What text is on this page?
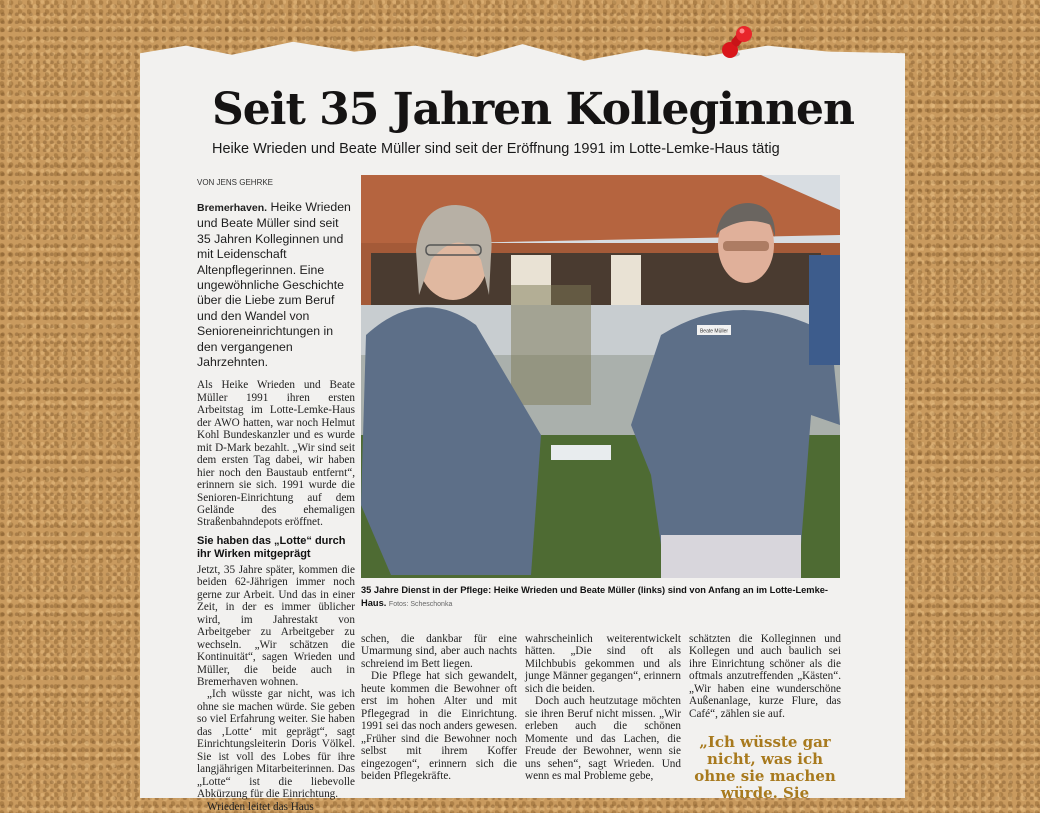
Seit 35 Jahren Kolleginnen
Heike Wrieden und Beate Müller sind seit der Eröffnung 1991 im Lotte-Lemke-Haus tätig
VON JENS GEHRKE
Bremerhaven. Heike Wrieden und Beate Müller sind seit 35 Jahren Kolleginnen und mit Leidenschaft Altenpflegerinnen. Eine ungewöhnliche Geschichte über die Liebe zum Beruf und den Wandel von Senioreneinrichtungen in den vergangenen Jahrzehnten.

Als Heike Wrieden und Beate Müller 1991 ihren ersten Arbeitstag im Lotte-Lemke-Haus der AWO hatten, war noch Helmut Kohl Bundeskanzler und es wurde mit D-Mark bezahlt. „Wir sind seit dem ersten Tag dabei, wir haben hier noch den Baustaub entfernt“, erinnern sie sich. 1991 wurde die Senioren-Einrichtung auf dem Gelände des ehemaligen Straßenbahndepots eröffnet.

Sie haben das „Lotte“ durch ihr Wirken mitgeprägt

Jetzt, 35 Jahre später, kommen die beiden 62-Jährigen immer noch gerne zur Arbeit. Und das in einer Zeit, in der es immer üblicher wird, im Jahrestakt von Arbeitgeber zu Arbeitgeber zu wechseln. „Wir schätzen die Kontinuität“, sagen Wrieden und Müller, die beide auch in Bremerhaven wohnen.

„Ich wüsste gar nicht, was ich ohne sie machen würde. Sie geben so viel Erfahrung weiter. Sie haben das ‚Lotte‘ mit geprägt“, sagt Einrichtungsleiterin Doris Völkel. Sie ist voll des Lobes für ihre langjährigen Mitarbeiterinnen. Das „Lotte“ ist die liebevolle Abkürzung für die Einrichtung.

Wrieden leitet das Haus

Beate Müller
35 Jahre Dienst in der Pflege: Heike Wrieden und Beate Müller (links) sind von Anfang an im Lotte-Lemke-Haus. Fotos: Scheschonka

schen, die dankbar für eine Umarmung sind, aber auch nachts schreiend im Bett liegen.

Die Pflege hat sich gewandelt, heute kommen die Bewohner oft erst im hohen Alter und mit Pflegegrad in die Einrichtung. 1991 sei das noch anders gewesen. „Früher sind die Bewohner noch selbst mit ihrem Koffer eingezogen“, erinnern sich die beiden Pflegekräfte.

wahrscheinlich weiterentwickelt hätten. „Die sind oft als Milchbubis gekommen und als junge Männer gegangen“, erinnern sich die beiden.

Doch auch heutzutage möchten sie ihren Beruf nicht missen. „Wir erleben auch die schönen Momente und das Lachen, die Freude der Bewohner, wenn sie uns sehen“, sagt Wrieden. Und wenn es mal Probleme gebe,

schätzten die Kolleginnen und Kollegen und auch baulich sei ihre Einrichtung schöner als die oftmals anzutreffenden „Kästen“. „Wir haben eine wunderschöne Außenanlage, kurze Flure, das Café“, zählen sie auf.

„Ich wüsste gar nicht, was ich ohne sie machen würde. Sie
